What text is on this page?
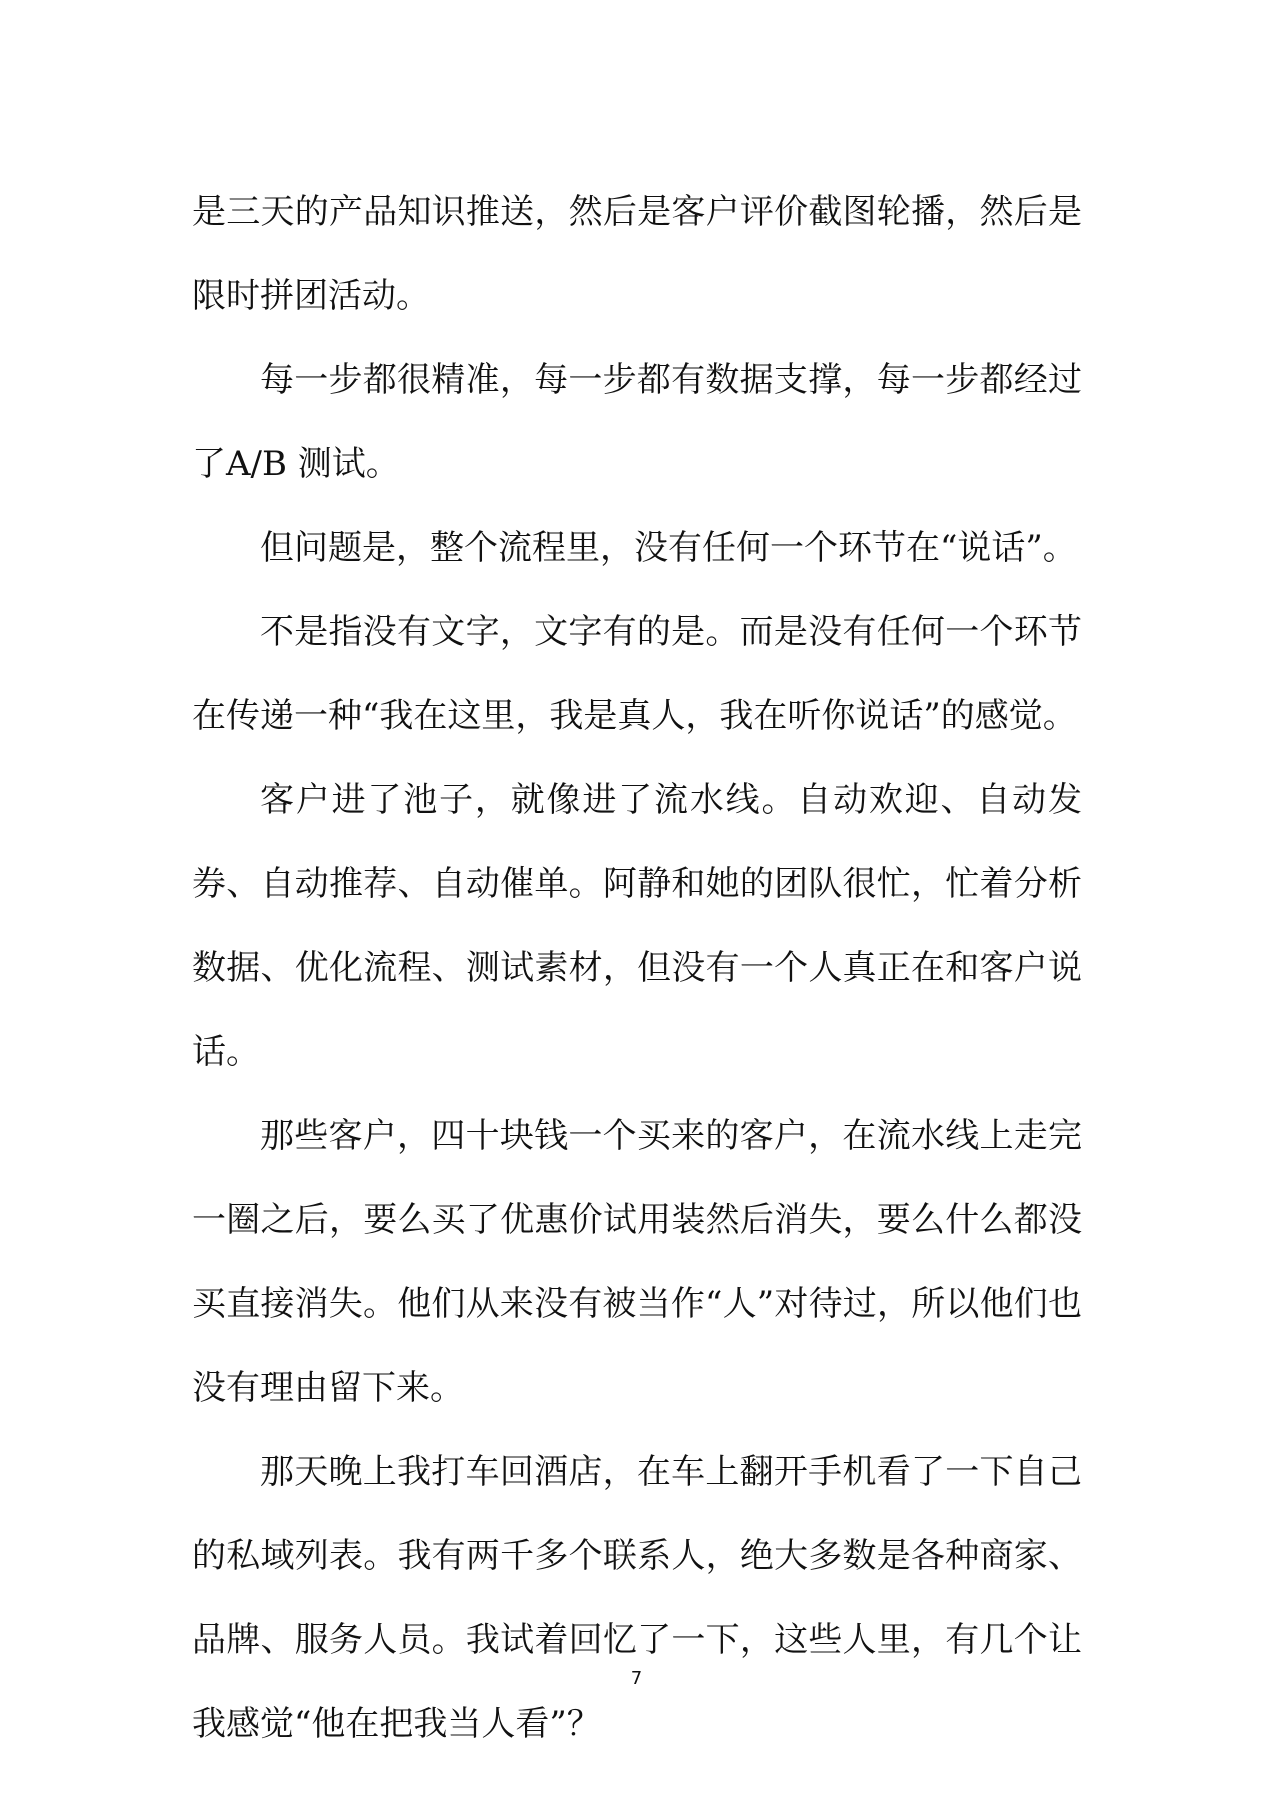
是三天的产品知识推送，然后是客户评价截图轮播，然后是限时拼团活动。

每一步都很精准，每一步都有数据支撑，每一步都经过了A/B 测试。

但问题是，整个流程里，没有任何一个环节在“说话”。

不是指没有文字，文字有的是。而是没有任何一个环节在传递一种“我在这里，我是真人，我在听你说话”的感觉。

客户进了池子，就像进了流水线。自动欢迎、自动发券、自动推荐、自动催单。阿静和她的团队很忙，忙着分析数据、优化流程、测试素材，但没有一个人真正在和客户说话。

那些客户，四十块钱一个买来的客户，在流水线上走完一圈之后，要么买了优惠价试用装然后消失，要么什么都没买直接消失。他们从来没有被当作“人”对待过，所以他们也没有理由留下来。

那天晚上我打车回酒店，在车上翻开手机看了一下自己的私域列表。我有两千多个联系人，绝大多数是各种商家、品牌、服务人员。我试着回忆了一下，这些人里，有几个让我感觉“他在把我当人看”？

7
